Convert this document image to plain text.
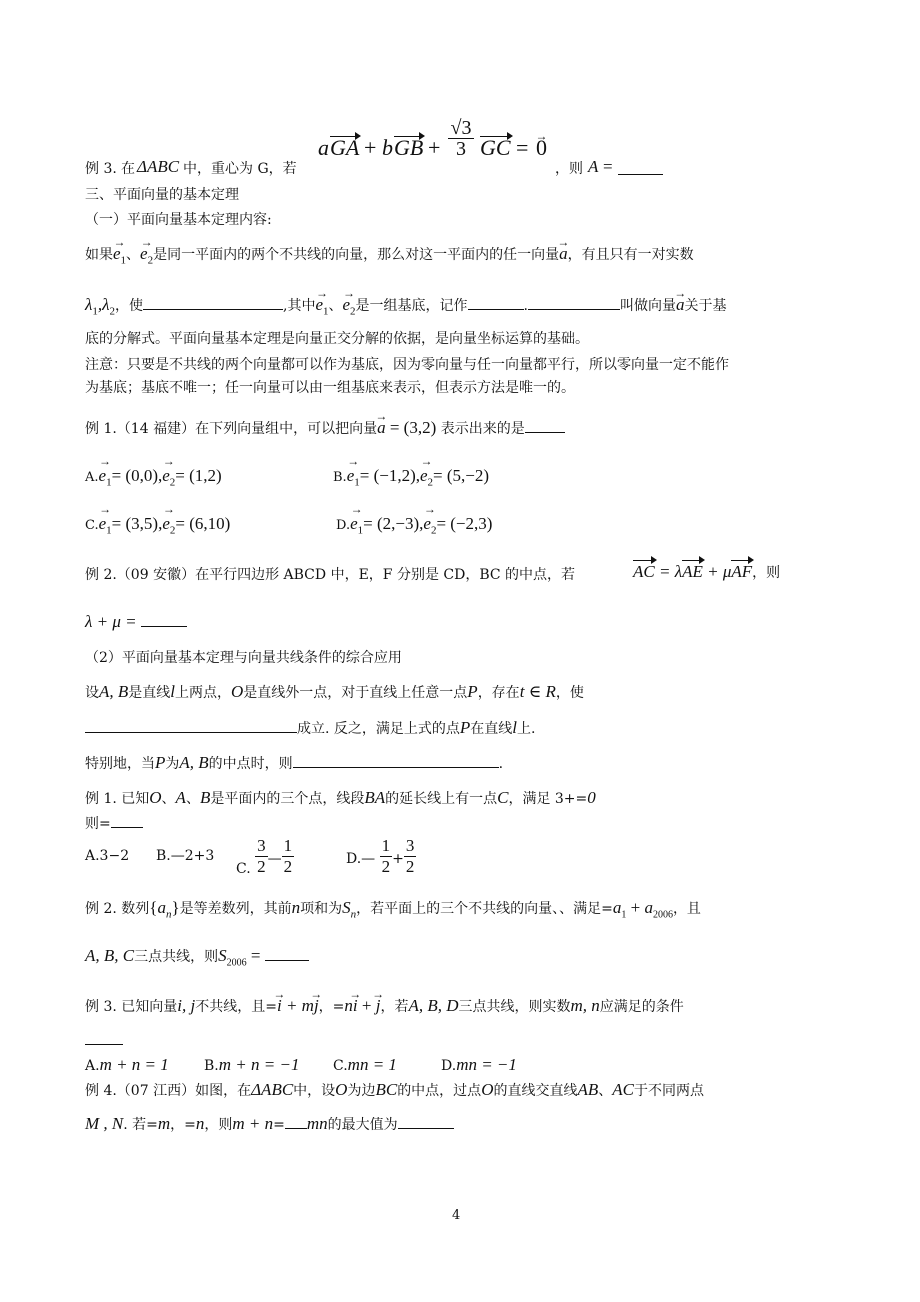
例 3. 在 ΔABC 中，重心为 G，若
a GA + b GB +
√3
3 GC =
→ 0
，则 A =
三、平面向量的基本定理
（一）平面向量基本定理内容:
如果→ $e_1$、→ $e_2$是同一平面内的两个不共线的向量，那么对这一平面内的任一向量→ a，有且只有一对实数
$\lambda_1,\lambda_2$，使	,其中→ $e_1$、→ $e_2$是一组基底，记作	.	叫做向量→ a关于基
底的分解式。平面向量基本定理是向量正交分解的依据，是向量坐标运算的基础。
注意：只要是不共线的两个向量都可以作为基底，因为零向量与任一向量都平行，所以零向量一定不能作
为基底；基底不唯一；任一向量可以由一组基底来表示，但表示方法是唯一的。
例 1.（14 福建）在下列向量组中，可以把向量→ a = (3,2) 表示出来的是
$A.\to e_1= (0,0),\to e_2= (1,2)$	$B.\to e_1= (-1,2),\to e_2= (5,-2)$
$C.\to e_1= (3,5),\to e_2= (6,10)$	$D.\to e_1= (2,-3),\to e_2= (-2,3)$
例 2.（09 安徽）在平行四边形 ABCD 中，E，F 分别是 CD，BC 的中点，若	AC = λAE + μAF，则
λ + μ =
（2）平面向量基本定理与向量共线条件的综合应用
设A, B是直线l上两点，O是直线外一点，对于直线上任意一点P，存在t ∈ R，使
成立. 反之，满足上式的点P在直线l上.
特别地，当P为A, B的中点时，则	.
例 1. 已知O、A、B是平面内的三个点，线段BA的延长线上有一点C，满足 3+=0
则=
A.3−2 B.—2+3
C. $\frac{3}{2}$ — $\frac{1}{2}$	D.— $\frac{1}{2} + \frac{3}{2}$
例 2. 数列$\{a_n\}$是等差数列，其前n项和为$S_n$，若平面上的三个不共线的向量、、满足$=a_1 + a_{2006}$，且
A, B, C三点共线，则$S_{2006}$ =
例 3. 已知向量i, j不共线，且=→ i + m→ j，=n→ i + → j，若A, B, D三点共线，则实数m, n应满足的条件
A.m + n = 1	B.m + n = −1 C.mn = 1	D.mn = −1
例 4.（07 江西）如图，在ΔABC中，设O为边BC的中点，过点O的直线交直线AB、AC于不同两点
M , N. 若=m，=n，则m + n= mn的最大值为
4
